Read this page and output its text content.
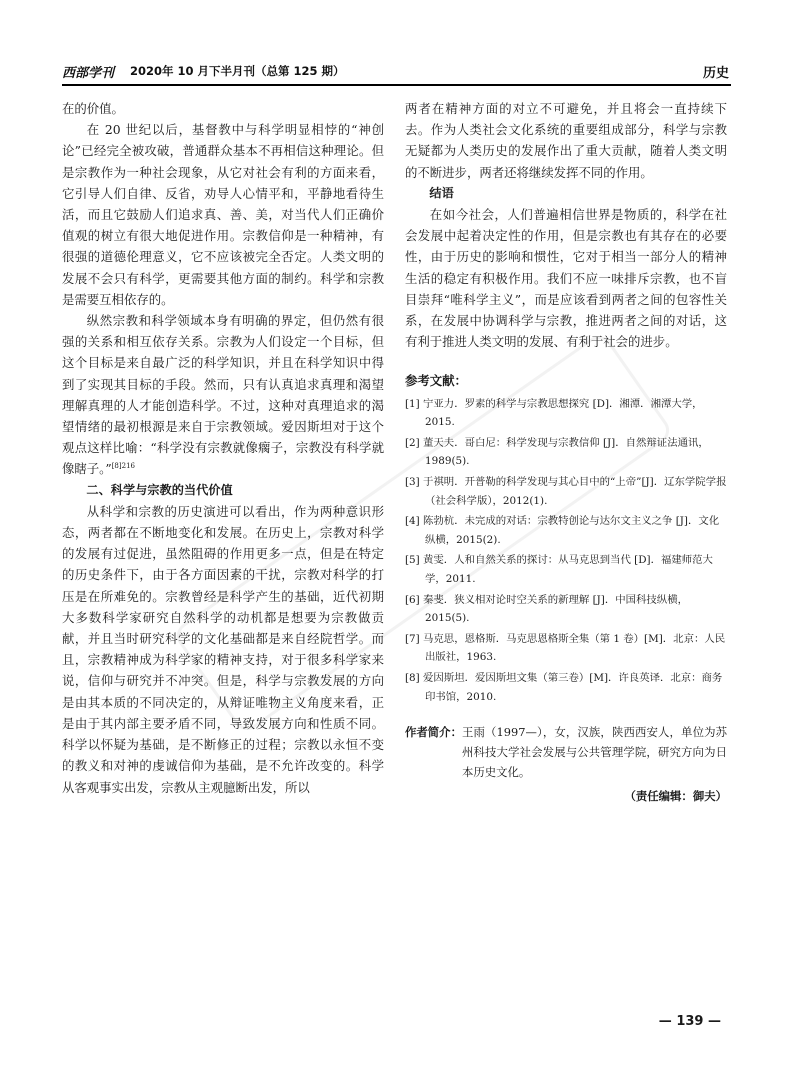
西部学刊 2020年 10 月下半月刊（总第 125 期）	历史

在的价值。

在 20 世纪以后，基督教中与科学明显相悖的“神创论”已经完全被攻破，普通群众基本不再相信这种理论。但是宗教作为一种社会现象，从它对社会有利的方面来看，它引导人们自律、反省，劝导人心情平和，平静地看待生活，而且它鼓励人们追求真、善、美，对当代人们正确价值观的树立有很大地促进作用。宗教信仰是一种精神，有很强的道德伦理意义，它不应该被完全否定。人类文明的发展不会只有科学，更需要其他方面的制约。科学和宗教是需要互相依存的。

纵然宗教和科学领域本身有明确的界定，但仍然有很强的关系和相互依存关系。宗教为人们设定一个目标，但这个目标是来自最广泛的科学知识，并且在科学知识中得到了实现其目标的手段。然而，只有认真追求真理和渴望理解真理的人才能创造科学。不过，这种对真理追求的渴望情绪的最初根源是来自于宗教领域。爱因斯坦对于这个观点这样比喻：“科学没有宗教就像瘸子，宗教没有科学就像瞎子。”$^{[8]216}$

二、科学与宗教的当代价值

从科学和宗教的历史演进可以看出，作为两种意识形态，两者都在不断地变化和发展。在历史上，宗教对科学的发展有过促进，虽然阻碍的作用更多一点，但是在特定的历史条件下，由于各方面因素的干扰，宗教对科学的打压是在所难免的。宗教曾经是科学产生的基础，近代初期大多数科学家研究自然科学的动机都是想要为宗教做贡献，并且当时研究科学的文化基础都是来自经院哲学。而且，宗教精神成为科学家的精神支持，对于很多科学家来说，信仰与研究并不冲突。但是，科学与宗教发展的方向是由其本质的不同决定的，从辩证唯物主义角度来看，正是由于其内部主要矛盾不同，导致发展方向和性质不同。科学以怀疑为基础，是不断修正的过程；宗教以永恒不变的教义和对神的虔诚信仰为基础，是不允许改变的。科学从客观事实出发，宗教从主观臆断出发，所以

两者在精神方面的对立不可避免，并且将会一直持续下去。作为人类社会文化系统的重要组成部分，科学与宗教无疑都为人类历史的发展作出了重大贡献，随着人类文明的不断进步，两者还将继续发挥不同的作用。

结语

在如今社会，人们普遍相信世界是物质的，科学在社会发展中起着决定性的作用，但是宗教也有其存在的必要性，由于历史的影响和惯性，它对于相当一部分人的精神生活的稳定有积极作用。我们不应一味排斥宗教，也不盲目崇拜“唯科学主义”，而是应该看到两者之间的包容性关系，在发展中协调科学与宗教，推进两者之间的对话，这有利于推进人类文明的发展、有利于社会的进步。

参考文献：
[1] 宁亚力．罗素的科学与宗教思想探究 [D]．湘潭．湘潭大学，2015.
[2] 董天夫．哥白尼：科学发现与宗教信仰 [J]．自然辩证法通讯，1989(5).
[3] 于祺明．开普勒的科学发现与其心目中的“上帝”[J]．辽东学院学报（社会科学版），2012(1).
[4] 陈勃杭．未完成的对话：宗教特创论与达尔文主义之争 [J]．文化纵横，2015(2).
[5] 黄雯．人和自然关系的探讨：从马克思到当代 [D]．福建师范大学，2011.
[6] 秦斐．狭义相对论时空关系的新理解 [J]．中国科技纵横，2015(5).
[7] 马克思，恩格斯．马克思恩格斯全集（第 1 卷）[M]．北京：人民出版社，1963.
[8] 爱因斯坦．爱因斯坦文集（第三卷）[M]．许良英译．北京：商务印书馆，2010.
作者简介： 王雨（1997—），女，汉族，陕西西安人，单位为苏州科技大学社会发展与公共管理学院，研究方向为日本历史文化。
（责任编辑：御夫）
— 139 —
